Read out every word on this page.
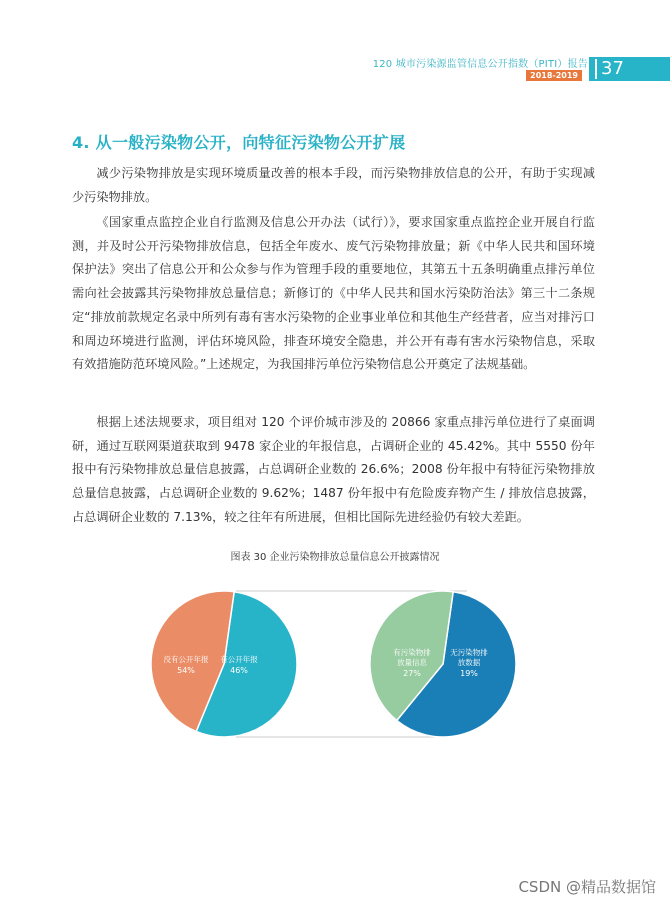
120 城市污染源监管信息公开指数（PITI）报告
2018-2019	37
4. 从一般污染物公开，向特征污染物公开扩展

减少污染物排放是实现环境质量改善的根本手段，而污染物排放信息的公开，有助于实现减少污染物排放。

《国家重点监控企业自行监测及信息公开办法（试行）》，要求国家重点监控企业开展自行监测，并及时公开污染物排放信息，包括全年废水、废气污染物排放量；新《中华人民共和国环境保护法》突出了信息公开和公众参与作为管理手段的重要地位，其第五十五条明确重点排污单位需向社会披露其污染物排放总量信息；新修订的《中华人民共和国水污染防治法》第三十二条规定“排放前款规定名录中所列有毒有害水污染物的企业事业单位和其他生产经营者，应当对排污口和周边环境进行监测，评估环境风险，排查环境安全隐患，并公开有毒有害水污染物信息，采取有效措施防范环境风险。”上述规定，为我国排污单位污染物信息公开奠定了法规基础。

根据上述法规要求，项目组对 120 个评价城市涉及的 20866 家重点排污单位进行了桌面调研，通过互联网渠道获取到 9478 家企业的年报信息，占调研企业的 45.42%。其中 5550 份年报中有污染物排放总量信息披露，占总调研企业数的 26.6%；2008 份年报中有特征污染物排放总量信息披露，占总调研企业数的 9.62%；1487 份年报中有危险废弃物产生 / 排放信息披露，占总调研企业数的 7.13%，较之往年有所进展，但相比国际先进经验仍有较大差距。

图表 30 企业污染物排放总量信息公开披露情况
没有公开年报
54%
有公开年报
46%
有污染物排放量信息
27%
无污染物排放数据
19%
CSDN @精品数据馆
